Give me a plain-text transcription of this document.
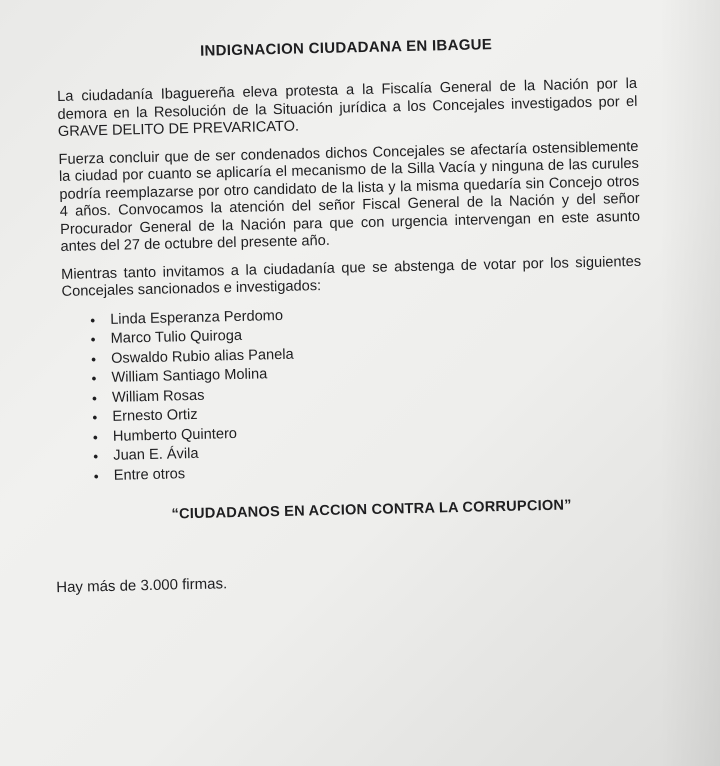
INDIGNACION CIUDADANA EN IBAGUE

La ciudadanía Ibaguereña eleva protesta a la Fiscalía General de la Nación por la demora en la Resolución de la Situación jurídica a los Concejales investigados por el GRAVE DELITO DE PREVARICATO.

Fuerza concluir que de ser condenados dichos Concejales se afectaría ostensiblemente la ciudad por cuanto se aplicaría el mecanismo de la Silla Vacía y ninguna de las curules podría reemplazarse por otro candidato de la lista y la misma quedaría sin Concejo otros 4 años. Convocamos la atención del señor Fiscal General de la Nación y del señor Procurador General de la Nación para que con urgencia intervengan en este asunto antes del 27 de octubre del presente año.

Mientras tanto invitamos a la ciudadanía que se abstenga de votar por los siguientes Concejales sancionados e investigados:

• Linda Esperanza Perdomo
• Marco Tulio Quiroga
• Oswaldo Rubio alias Panela
• William Santiago Molina
• William Rosas
• Ernesto Ortiz
• Humberto Quintero
• Juan E. Ávila
• Entre otros
“CIUDADANOS EN ACCION CONTRA LA CORRUPCION”
Hay más de 3.000 firmas.
